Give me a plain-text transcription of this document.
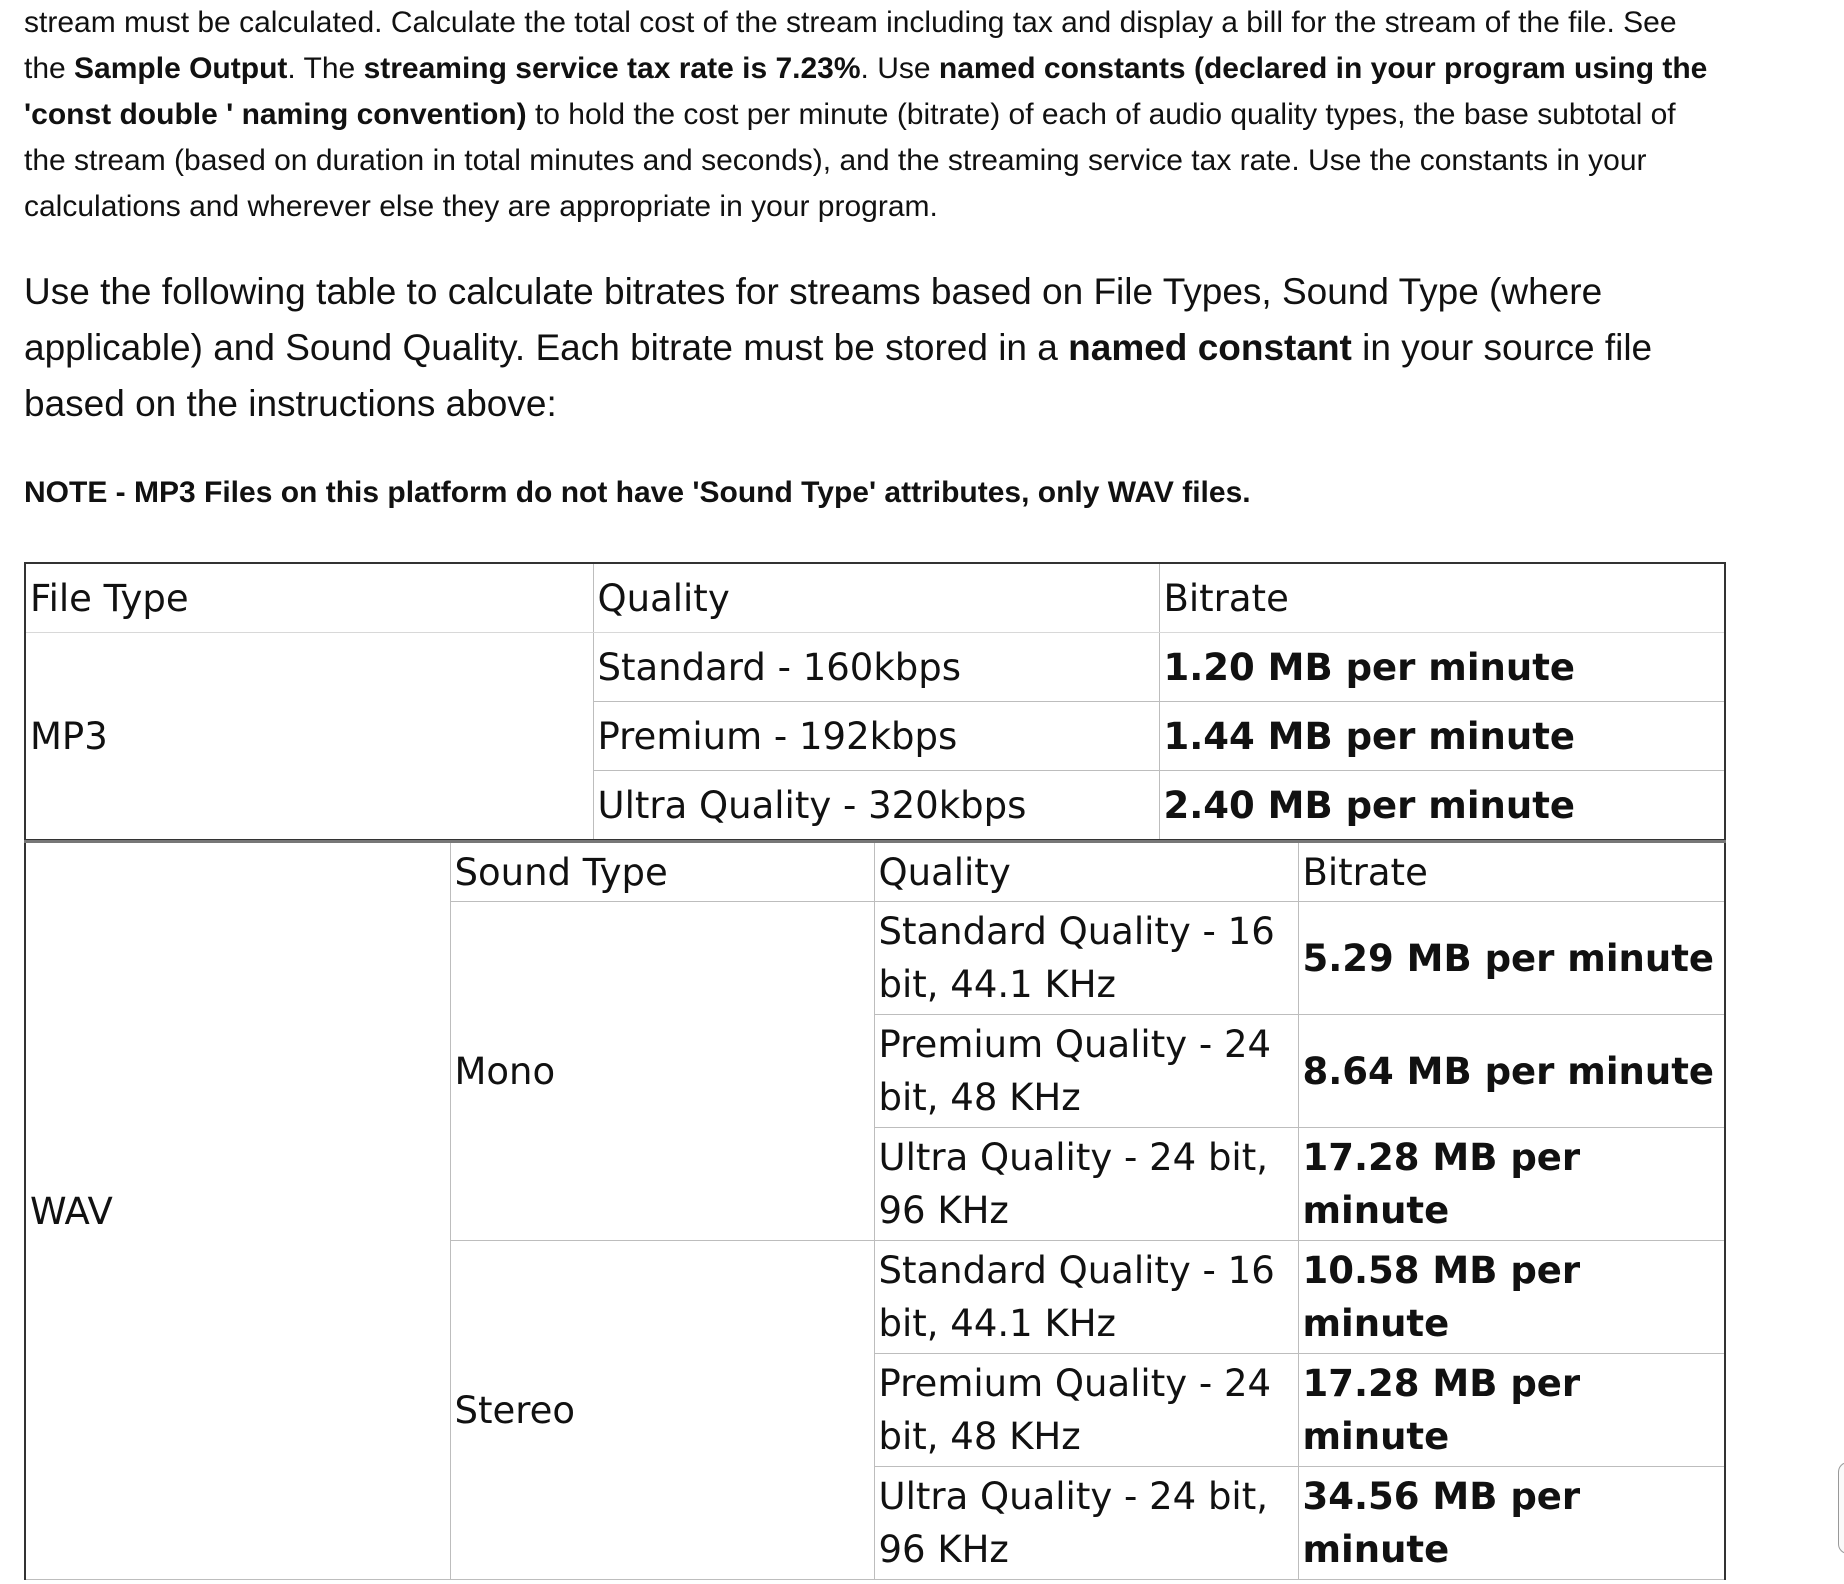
stream must be calculated. Calculate the total cost of the stream including tax and display a bill for the stream of the file. See the Sample Output. The streaming service tax rate is 7.23%. Use named constants (declared in your program using the 'const double ' naming convention) to hold the cost per minute (bitrate) of each of audio quality types, the base subtotal of the stream (based on duration in total minutes and seconds), and the streaming service tax rate. Use the constants in your calculations and wherever else they are appropriate in your program.

Use the following table to calculate bitrates for streams based on File Types, Sound Type (where applicable) and Sound Quality. Each bitrate must be stored in a named constant in your source file based on the instructions above:

NOTE - MP3 Files on this platform do not have 'Sound Type' attributes, only WAV files.

File Type	Quality	Bitrate
MP3	Standard - 160kbps	1.20 MB per minute
	Premium - 192kbps	1.44 MB per minute
	Ultra Quality - 320kbps	2.40 MB per minute
WAV	Sound Type	Quality	Bitrate
	Mono	Standard Quality - 16 bit, 44.1 KHz	5.29 MB per minute
		Premium Quality - 24 bit, 48 KHz	8.64 MB per minute
		Ultra Quality - 24 bit, 96 KHz	17.28 MB per minute
	Stereo	Standard Quality - 16 bit, 44.1 KHz	10.58 MB per minute
		Premium Quality - 24 bit, 48 KHz	17.28 MB per minute
		Ultra Quality - 24 bit, 96 KHz	34.56 MB per minute
